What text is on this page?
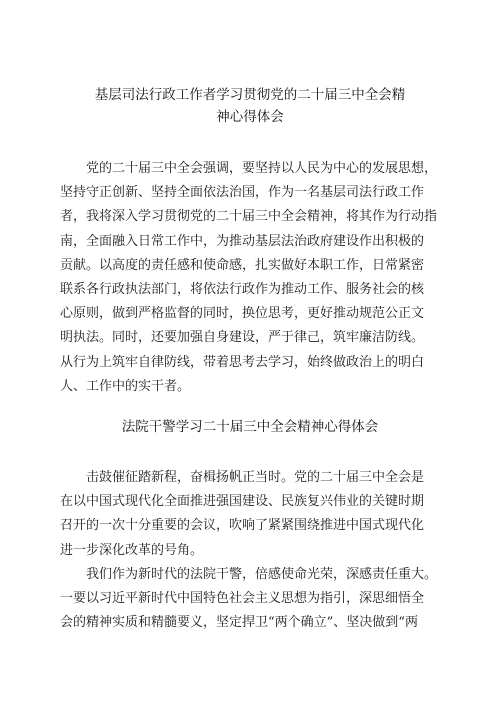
基层司法行政工作者学习贯彻党的二十届三中全会精
神心得体会
党的二十届三中全会强调，要坚持以人民为中心的发展思想，
坚持守正创新、坚持全面依法治国，作为一名基层司法行政工作
者，我将深入学习贯彻党的二十届三中全会精神，将其作为行动指
南，全面融入日常工作中，为推动基层法治政府建设作出积极的
贡献。以高度的责任感和使命感，扎实做好本职工作，日常紧密
联系各行政执法部门，将依法行政作为推动工作、服务社会的核
心原则，做到严格监督的同时，换位思考，更好推动规范公正文
明执法。同时，还要加强自身建设，严于律己，筑牢廉洁防线。
从行为上筑牢自律防线，带着思考去学习，始终做政治上的明白
人、工作中的实干者。
法院干警学习二十届三中全会精神心得体会
击鼓催征踏新程，奋楫扬帆正当时。党的二十届三中全会是
在以中国式现代化全面推进强国建设、民族复兴伟业的关键时期
召开的一次十分重要的会议，吹响了紧紧围绕推进中国式现代化
进一步深化改革的号角。
我们作为新时代的法院干警，倍感使命光荣，深感责任重大。
一要以习近平新时代中国特色社会主义思想为指引，深思细悟全
会的精神实质和精髓要义，坚定捍卫“两个确立”、坚决做到“两
